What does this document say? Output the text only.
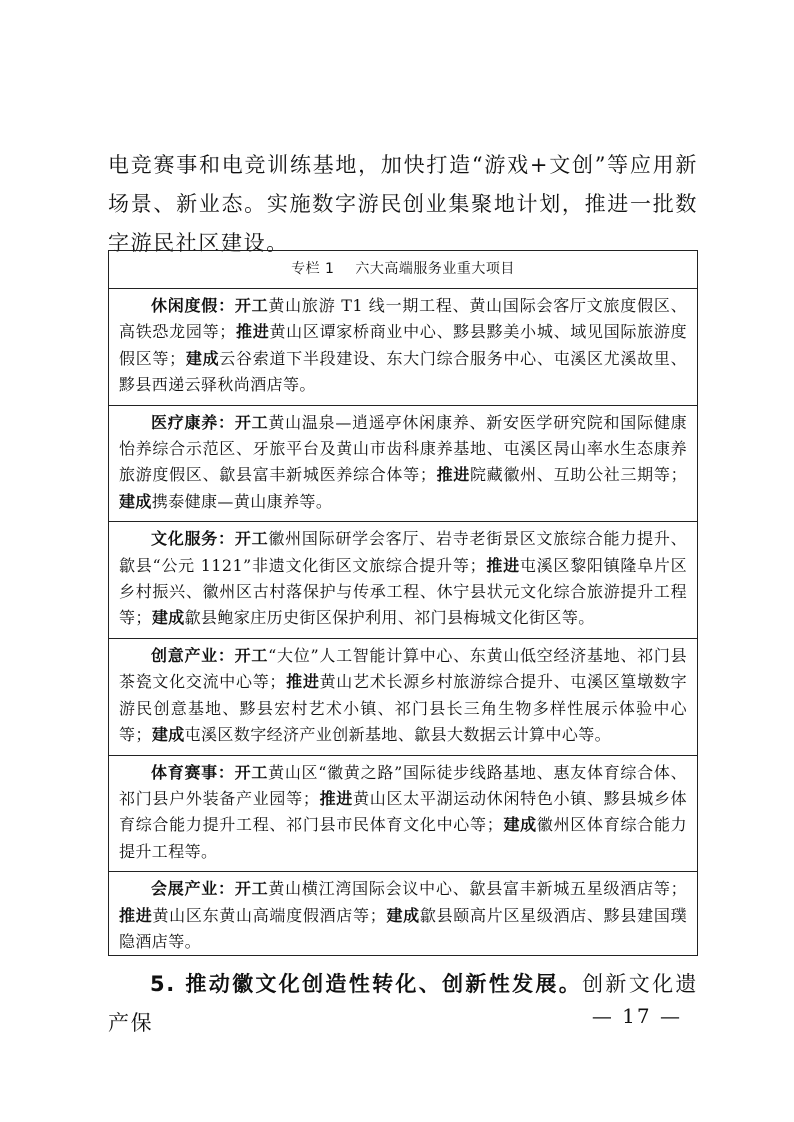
电竞赛事和电竞训练基地，加快打造“游戏+文创”等应用新场景、新业态。实施数字游民创业集聚地计划，推进一批数字游民社区建设。

专栏 1 六大高端服务业重大项目

休闲度假：开工黄山旅游 T1 线一期工程、黄山国际会客厅文旅度假区、高铁恐龙园等；推进黄山区谭家桥商业中心、黟县黟美小城、域见国际旅游度假区等；建成云谷索道下半段建设、东大门综合服务中心、屯溪区尤溪故里、黟县西递云驿秋尚酒店等。

医疗康养：开工黄山温泉—逍遥亭休闲康养、新安医学研究院和国际健康怡养综合示范区、牙旅平台及黄山市齿科康养基地、屯溪区昺山率水生态康养旅游度假区、歙县富丰新城医养综合体等；推进院藏徽州、互助公社三期等；建成携泰健康—黄山康养等。

文化服务：开工徽州国际研学会客厅、岩寺老街景区文旅综合能力提升、歙县“公元 1121”非遗文化街区文旅综合提升等；推进屯溪区黎阳镇隆阜片区乡村振兴、徽州区古村落保护与传承工程、休宁县状元文化综合旅游提升工程等；建成歙县鲍家庄历史街区保护利用、祁门县梅城文化街区等。

创意产业：开工“大位”人工智能计算中心、东黄山低空经济基地、祁门县茶瓷文化交流中心等；推进黄山艺术长源乡村旅游综合提升、屯溪区篁墩数字游民创意基地、黟县宏村艺术小镇、祁门县长三角生物多样性展示体验中心等；建成屯溪区数字经济产业创新基地、歙县大数据云计算中心等。

体育赛事：开工黄山区“徽黄之路”国际徒步线路基地、惠友体育综合体、祁门县户外装备产业园等；推进黄山区太平湖运动休闲特色小镇、黟县城乡体育综合能力提升工程、祁门县市民体育文化中心等；建成徽州区体育综合能力提升工程等。

会展产业：开工黄山横江湾国际会议中心、歙县富丰新城五星级酒店等；推进黄山区东黄山高端度假酒店等；建成歙县颐高片区星级酒店、黟县建国璞隐酒店等。

5. 推动徽文化创造性转化、创新性发展。创新文化遗产保	— 17 —
